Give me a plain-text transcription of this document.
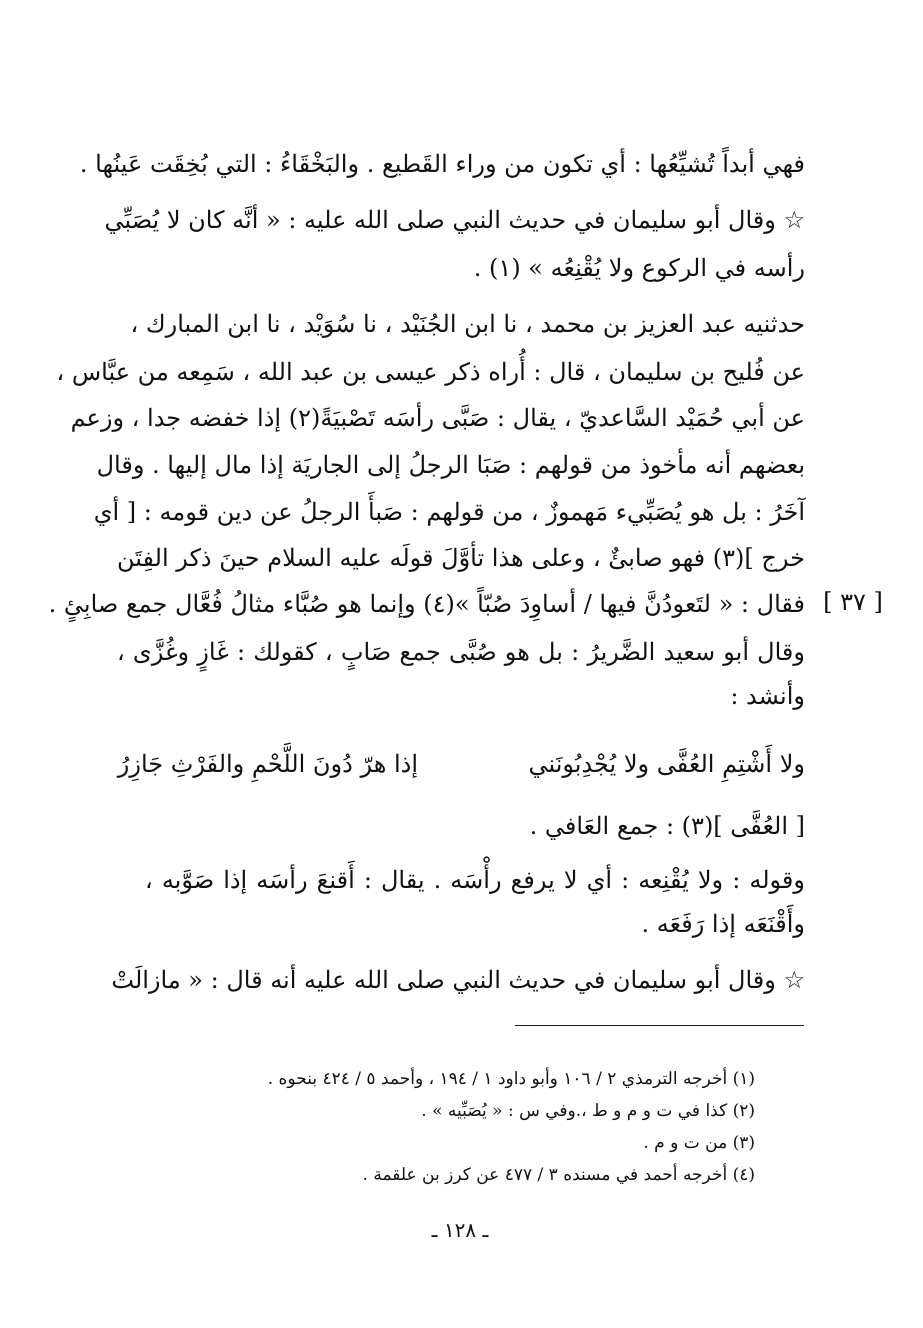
فهي أبداً تُشيِّعُها : أي تكون من وراء القَطيع . والبَخْقَاءُ : التي بُخِقَت عَينُها .
☆ وقال أبو سليمان في حديث النبي صلى الله عليه : « أنَّه كان لا يُصَبِّي
رأسه في الركوع ولا يُقْنِعُه » (١) .
حدثنيه عبد العزيز بن محمد ، نا ابن الجُنَيْد ، نا سُوَيْد ، نا ابن المبارك ،
عن فُليح بن سليمان ، قال : أُراه ذكر عيسى بن عبد الله ، سَمِعه من عبَّاس ،
عن أبي حُمَيْد السَّاعديّ ، يقال : صَبَّى رأسَه تَصْبيَةً(٢) إذا خفضه جدا ، وزعم
بعضهم أنه مأخوذ من قولهم : صَبَا الرجلُ إلى الجاريَة إذا مال إليها . وقال
آخَرُ : بل هو يُصَبِّيء مَهموزٌ ، من قولهم : صَبأَ الرجلُ عن دين قومه : [ أي
خرج ](٣) فهو صابئٌ ، وعلى هذا تأوَّلَ قولَه عليه السلام حينَ ذكر الفِتَن
فقال : « لتَعودُنَّ فيها / أساوِدَ صُبّاً »(٤) وإنما هو صُبَّاء مثالُ فُعَّال جمع صابِئٍ .
وقال أبو سعيد الضَّريرُ : بل هو صُبَّى جمع صَابٍ ، كقولك : غَازٍ وغُزَّى ،
وأنشد :
[ ٣٧ ]
ولا أَشْتِمِ العُفَّى ولا يُجْدِبُونَني
إذا هرّ دُونَ اللَّحْمِ والفَرْثِ جَازِرُ
[ العُفَّى ](٣) : جمع العَافي .
وقوله : ولا يُقْنِعه : أي لا يرفع رأْسَه . يقال : أَقنعَ رأسَه إذا صَوَّبه ،
وأَقْنَعَه إذا رَفَعَه .
☆ وقال أبو سليمان في حديث النبي صلى الله عليه أنه قال : « مازالَتْ
(١) أخرجه الترمذي ٢ / ١٠٦ وأبو داود ١ / ١٩٤ ، وأحمد ٥ / ٤٢٤ بنحوه .
(٢) كذا في ت و م و ط ،.وفي س : « يُصَبِّيه » .
(٣) من ت و م .
(٤) أخرجه أحمد في مسنده ٣ / ٤٧٧ عن كرز بن علقمة .
ـ ١٢٨ ـ
